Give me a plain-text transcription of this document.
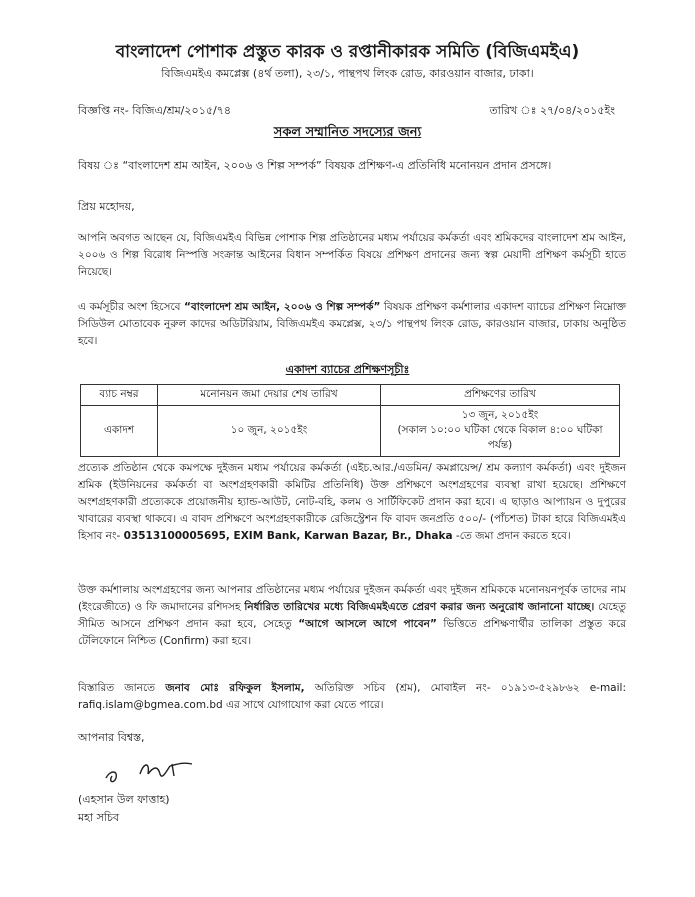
বাংলাদেশ পোশাক প্রস্তুত কারক ও রপ্তানীকারক সমিতি (বিজিএমইএ)
বিজিএমইএ কমপ্লেক্স (৪র্থ তলা), ২৩/১, পান্থপথ লিংক রোড, কারওয়ান বাজার, ঢাকা।
বিজ্ঞপ্তি নং- বিজিএ/শ্রম/২০১৫/৭৪	তারিখ ঃ ২৭/০৪/২০১৫ইং
সকল সম্মানিত সদস্যের জন্য
বিষয় ঃ “বাংলাদেশ শ্রম আইন, ২০০৬ ও শিল্প সম্পর্ক” বিষয়ক প্রশিক্ষণ-এ প্রতিনিধি মনোনয়ন প্রদান প্রসঙ্গে।
প্রিয় মহোদয়,
আপনি অবগত আছেন যে, বিজিএমইএ বিভিন্ন পোশাক শিল্প প্রতিষ্ঠানের মধ্যম পর্যায়ের কর্মকর্তা এবং শ্রমিকদের বাংলাদেশ শ্রম আইন, ২০০৬ ও শিল্প বিরোধ নিস্পত্তি সংক্রান্ত আইনের বিধান সম্পর্কিত বিষয়ে প্রশিক্ষণ প্রদানের জন্য স্বল্প মেয়াদী প্রশিক্ষণ কর্মসূচী হাতে নিয়েছে।
এ কর্মসূচীর অংশ হিসেবে “বাংলাদেশ শ্রম আইন, ২০০৬ ও শিল্প সম্পর্ক” বিষয়ক প্রশিক্ষণ কর্মশালার একাদশ ব্যাচের প্রশিক্ষণ নিম্নোক্ত সিডিউল মোতাবেক নুরুল কাদের অডিটরিয়াম, বিজিএমইএ কমপ্লেক্স, ২৩/১ পান্থপথ লিংক রোড, কারওয়ান বাজার, ঢাকায় অনুষ্ঠিত হবে।
একাদশ ব্যাচের প্রশিক্ষণসূচীঃ
ব্যাচ নম্বর	মনোনয়ন জমা দেয়ার শেষ তারিখ	প্রশিক্ষণের তারিখ
একাদশ	১০ জুন, ২০১৫ইং	১৩ জুন, ২০১৫ইং
(সকাল ১০:০০ ঘটিকা থেকে বিকাল ৪:০০ ঘটিকা পর্যন্ত)
প্রত্যেক প্রতিষ্ঠান থেকে কমপক্ষে দুইজন মধ্যম পর্যায়ের কর্মকর্তা (এইচ.আর./এডমিন/ কমপ্লায়েন্স/ শ্রম কল্যাণ কর্মকর্তা) এবং দুইজন শ্রমিক (ইউনিয়নের কর্মকর্তা বা অংশগ্রহণকারী কমিটির প্রতিনিধি) উক্ত প্রশিক্ষণে অংশগ্রহণের ব্যবস্থা রাখা হয়েছে। প্রশিক্ষণে অংশগ্রহণকারী প্রত্যেককে প্রয়োজনীয় হ্যান্ড-আউট, নোট-বহি, কলম ও সার্টিফিকেট প্রদান করা হবে। এ ছাড়াও আপ্যায়ন ও দুপুরের খাবারের ব্যবস্থা থাকবে। এ বাবদ প্রশিক্ষণে অংশগ্রহণকারীকে রেজিস্ট্রেশন ফি বাবদ জনপ্রতি ৫০০/- (পাঁচশত) টাকা হারে বিজিএমইএ হিসাব নং- 03513100005695, EXIM Bank, Karwan Bazar, Br., Dhaka -তে জমা প্রদান করতে হবে।
উক্ত কর্মশালায় অংশগ্রহণের জন্য আপনার প্রতিষ্ঠানের মধ্যম পর্যায়ের দুইজন কর্মকর্তা এবং দুইজন শ্রমিককে মনোনয়নপূর্বক তাদের নাম (ইংরেজীতে) ও ফি জমাদানের রশিদসহ নির্ধারিত তারিখের মধ্যে বিজিএমইএতে প্রেরণ করার জন্য অনুরোধ জানানো যাচ্ছে। যেহেতু সীমিত আসনে প্রশিক্ষণ প্রদান করা হবে, সেহেতু “আগে আসলে আগে পাবেন” ভিত্তিতে প্রশিক্ষণার্থীর তালিকা প্রস্তুত করে টেলিফোনে নিশ্চিত (Confirm) করা হবে।
বিস্তারিত জানতে জনাব মোঃ রফিকুল ইসলাম, অতিরিক্ত সচিব (শ্রম), মোবাইল নং- ০১৯১৩-৫২৯৮৬২ e-mail: rafiq.islam@bgmea.com.bd এর সাথে যোগাযোগ করা যেতে পারে।
আপনার বিশ্বস্ত,
(এহসান উল ফাত্তাহ)
মহা সচিব
